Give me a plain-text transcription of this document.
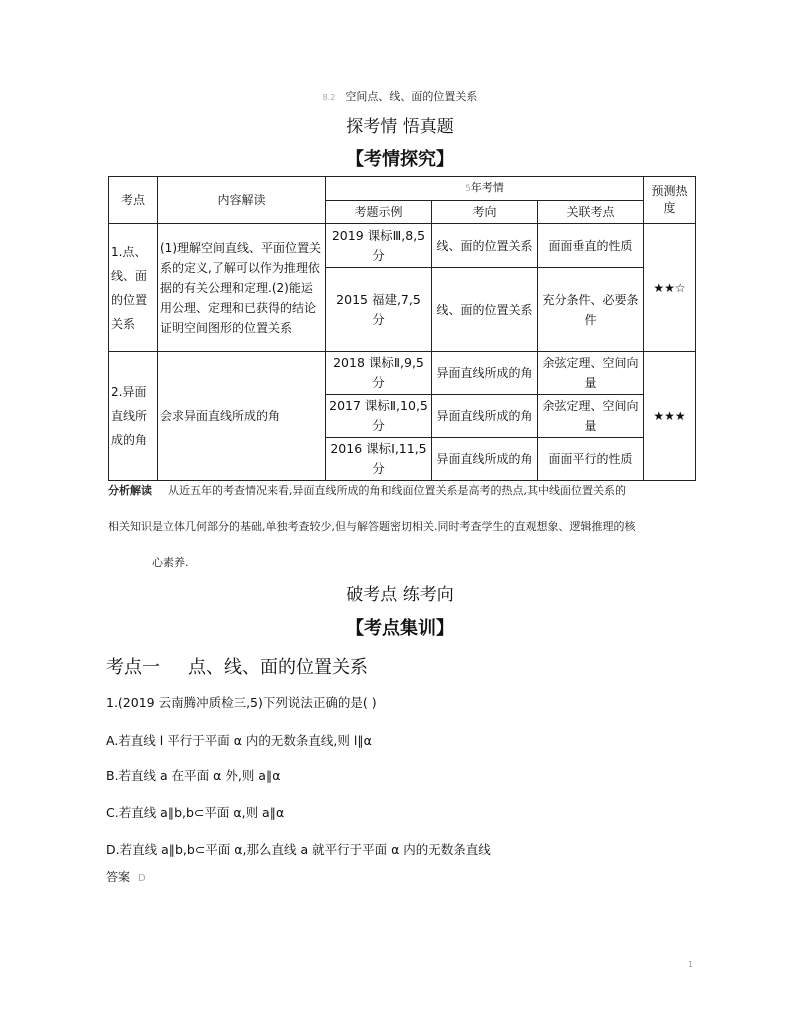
8.2 空间点、线、面的位置关系
探考情 悟真题
【考情探究】
考点	内容解读	5年考情			预测热度
		考题示例	考向	关联考点	
1.点、线、面的位置关系	(1)理解空间直线、平面位置关系的定义,了解可以作为推理依据的有关公理和定理.(2)能运用公理、定理和已获得的结论证明空间图形的位置关系	2019 课标Ⅲ,8,5 分	线、面的位置关系	面面垂直的性质	★★☆
		2015 福建,7,5 分	线、面的位置关系	充分条件、必要条件	
2.异面直线所成的角	会求异面直线所成的角	2018 课标Ⅱ,9,5 分	异面直线所成的角	余弦定理、空间向量	★★★
		2017 课标Ⅱ,10,5 分	异面直线所成的角	余弦定理、空间向量	
		2016 课标Ⅰ,11,5 分	异面直线所成的角	面面平行的性质	
分析解读 从近五年的考查情况来看,异面直线所成的角和线面位置关系是高考的热点,其中线面位置关系的
相关知识是立体几何部分的基础,单独考查较少,但与解答题密切相关.同时考查学生的直观想象、逻辑推理的核
心素养.
破考点 练考向
【考点集训】
考点一 点、线、面的位置关系
1.(2019 云南腾冲质检三,5)下列说法正确的是( )
A.若直线 l 平行于平面 α 内的无数条直线,则 l∥α
B.若直线 a 在平面 α 外,则 a∥α
C.若直线 a∥b,b⊂平面 α,则 a∥α
D.若直线 a∥b,b⊂平面 α,那么直线 a 就平行于平面 α 内的无数条直线
答案 D
1
